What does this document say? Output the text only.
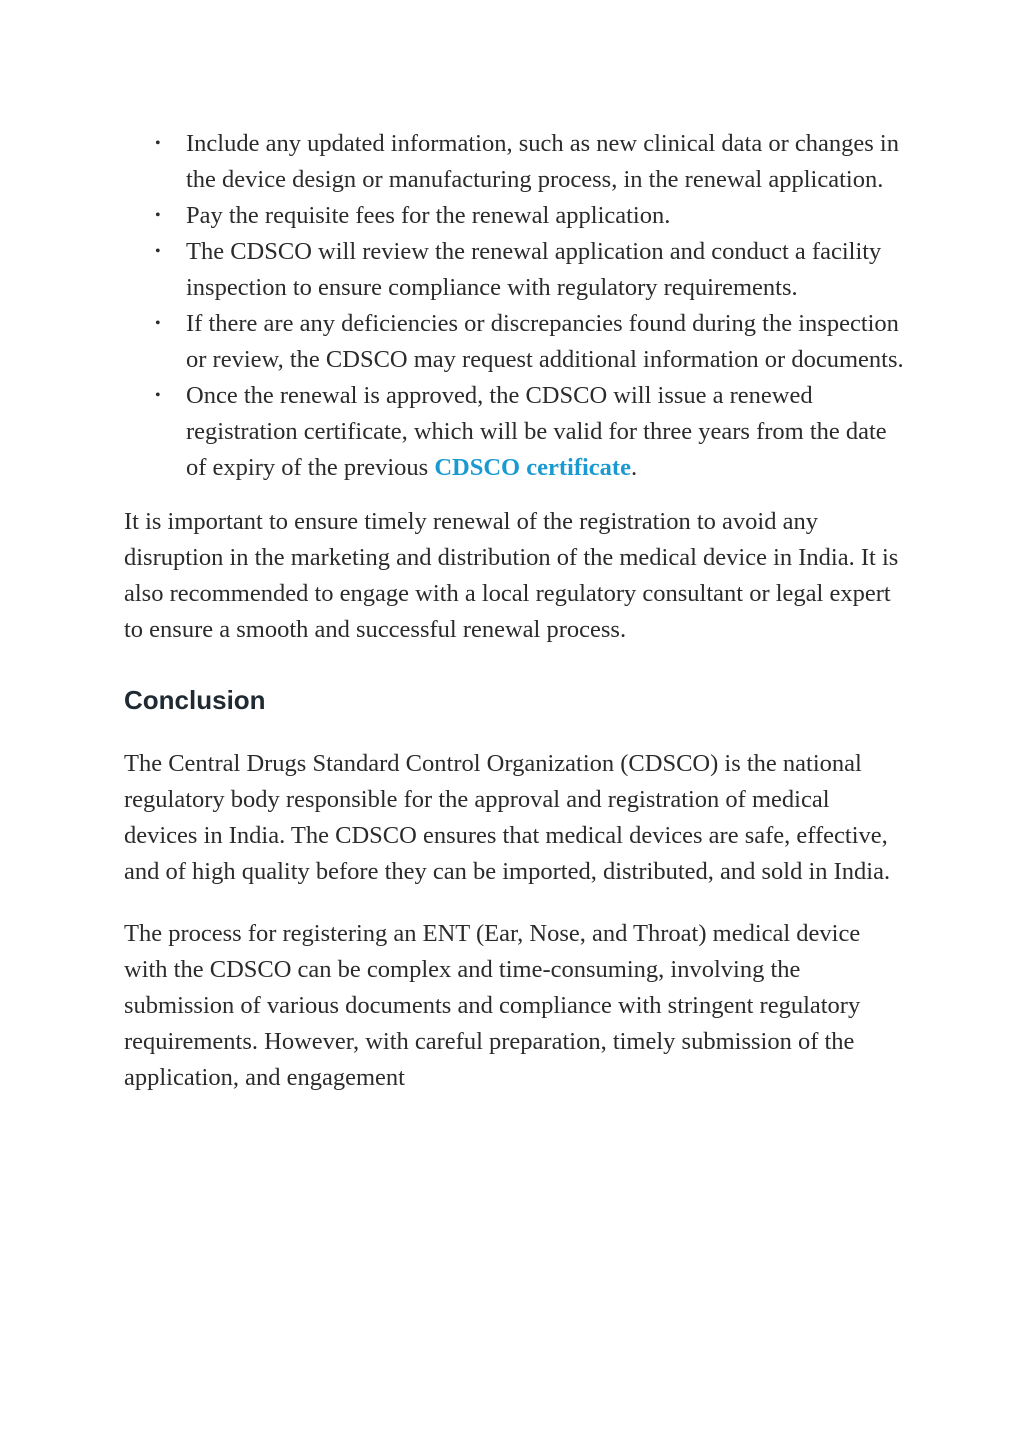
• Include any updated information, such as new clinical data or changes in the device design or manufacturing process, in the renewal application.
• Pay the requisite fees for the renewal application.
• The CDSCO will review the renewal application and conduct a facility inspection to ensure compliance with regulatory requirements.
• If there are any deficiencies or discrepancies found during the inspection or review, the CDSCO may request additional information or documents.
• Once the renewal is approved, the CDSCO will issue a renewed registration certificate, which will be valid for three years from the date of expiry of the previous CDSCO certificate.

It is important to ensure timely renewal of the registration to avoid any disruption in the marketing and distribution of the medical device in India. It is also recommended to engage with a local regulatory consultant or legal expert to ensure a smooth and successful renewal process.

Conclusion

The Central Drugs Standard Control Organization (CDSCO) is the national regulatory body responsible for the approval and registration of medical devices in India. The CDSCO ensures that medical devices are safe, effective, and of high quality before they can be imported, distributed, and sold in India.

The process for registering an ENT (Ear, Nose, and Throat) medical device with the CDSCO can be complex and time-consuming, involving the submission of various documents and compliance with stringent regulatory requirements. However, with careful preparation, timely submission of the application, and engagement
